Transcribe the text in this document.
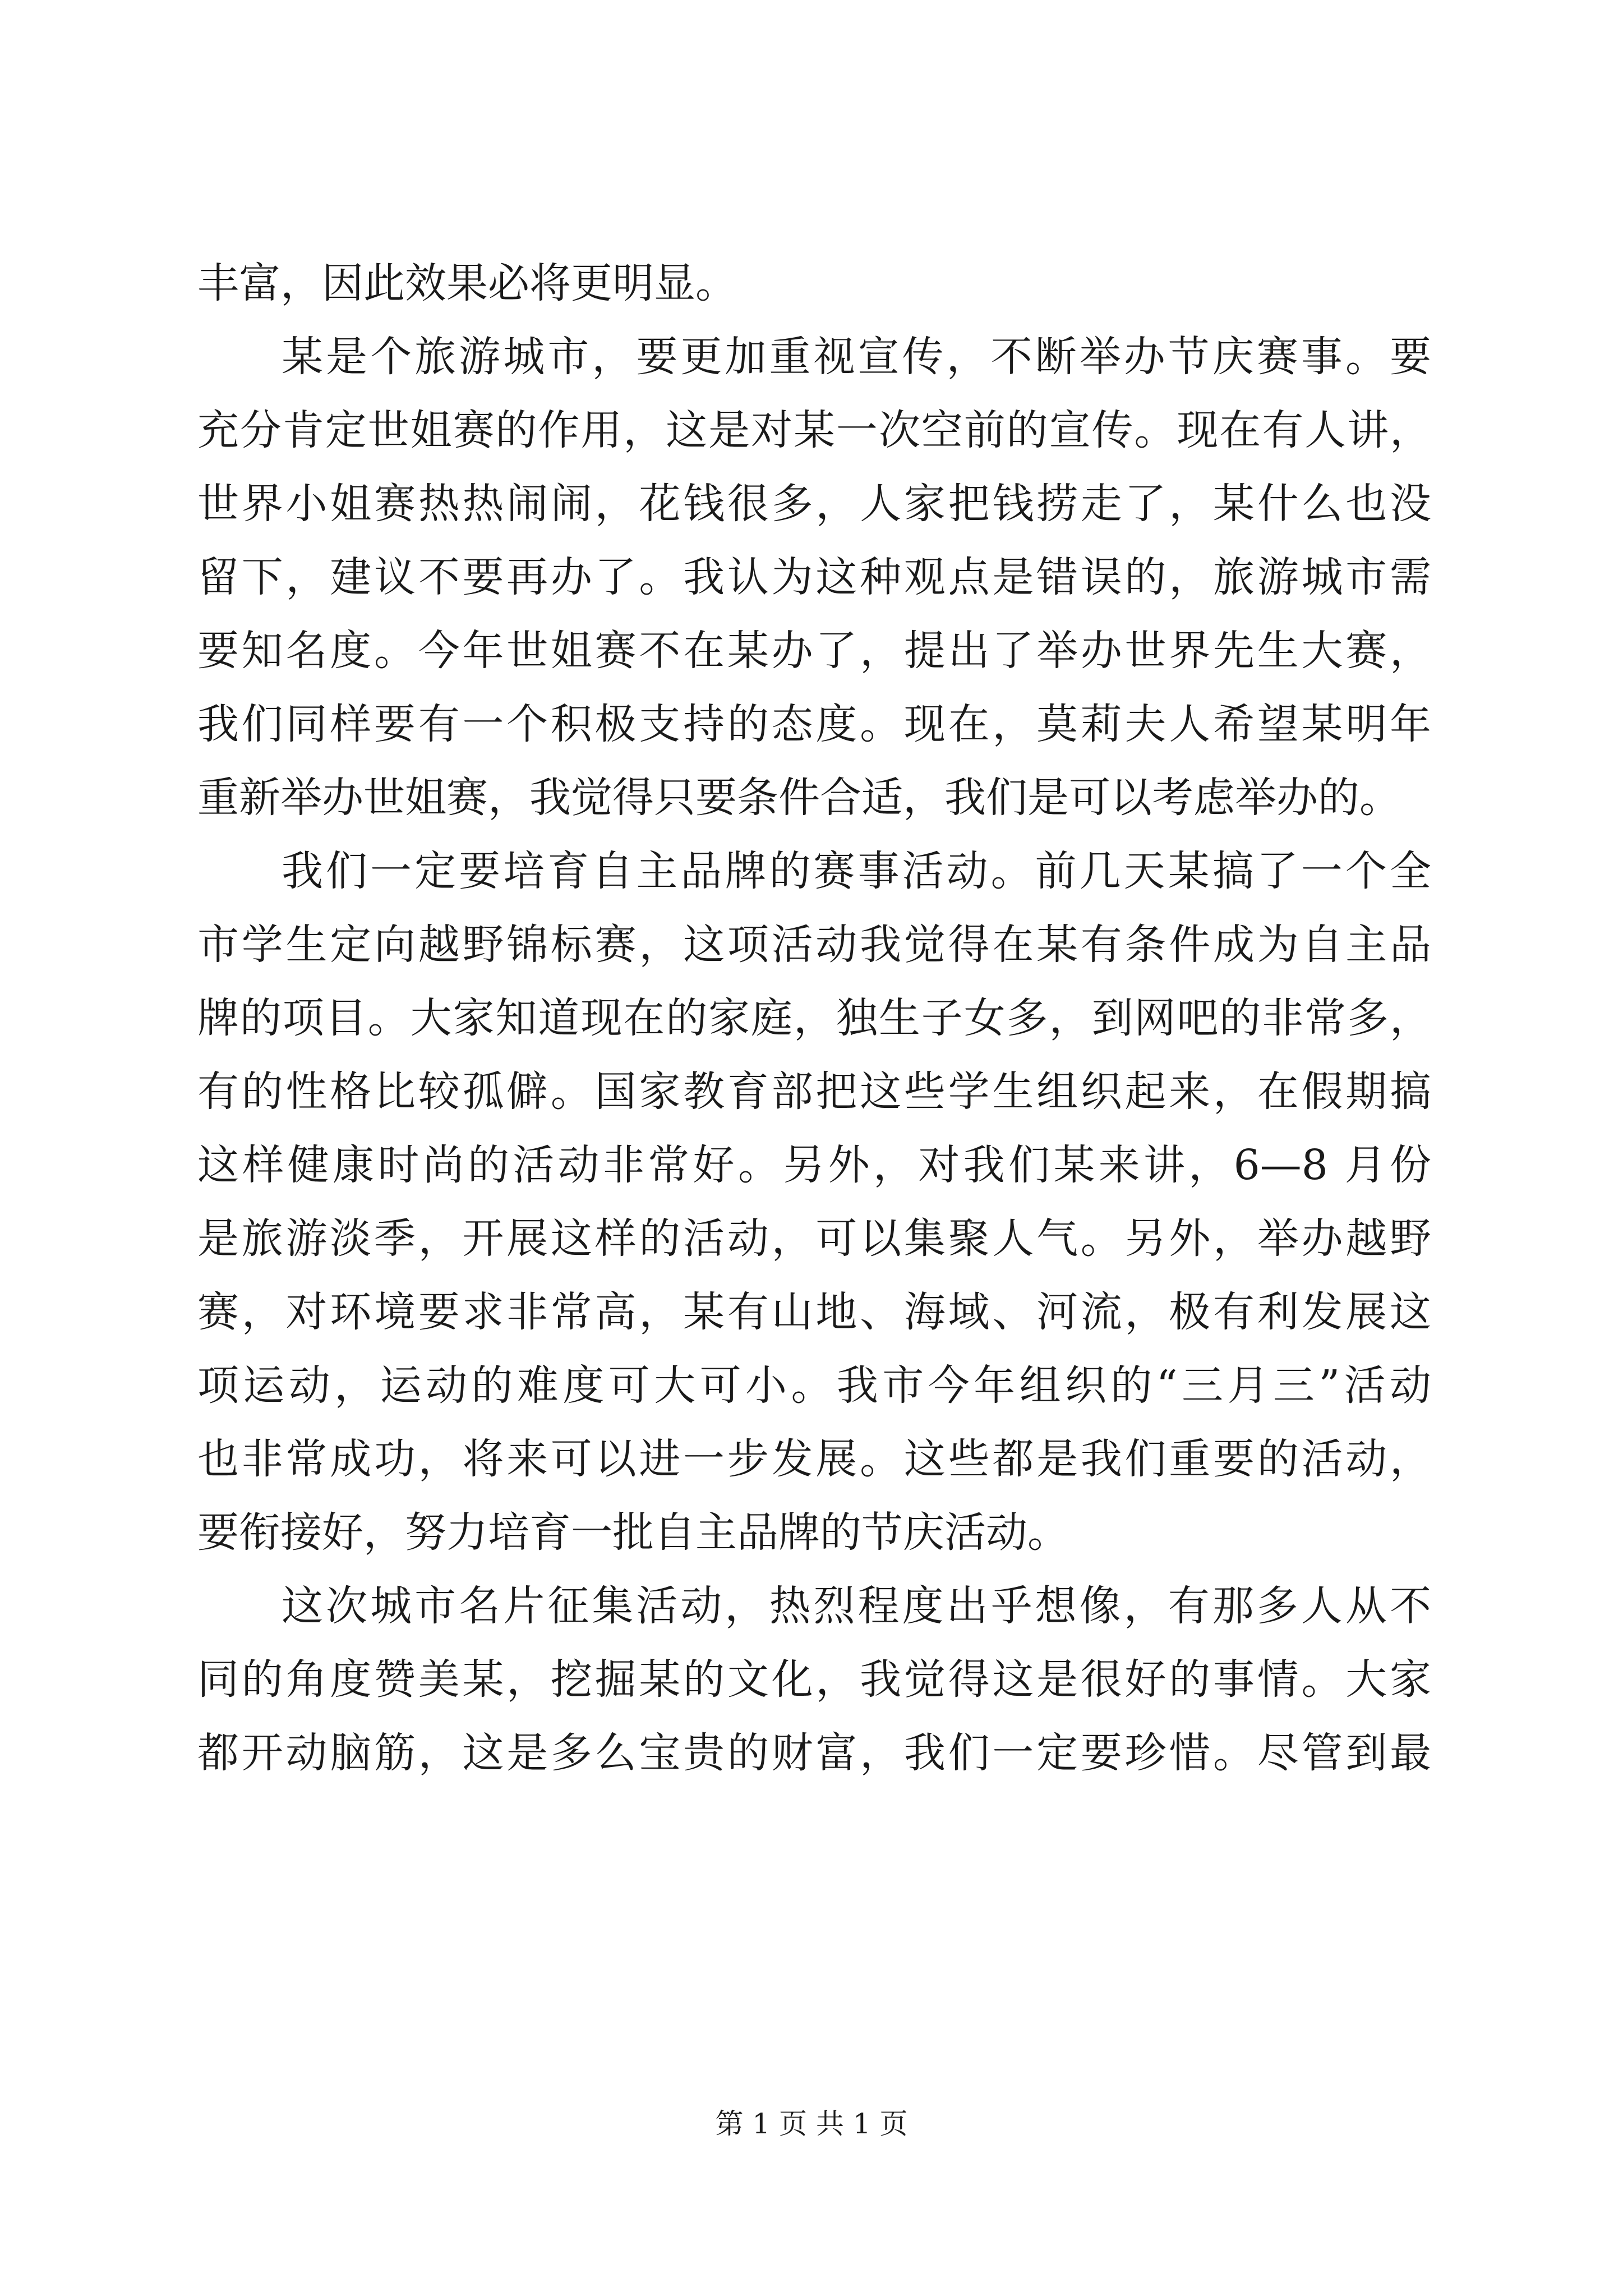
丰富，因此效果必将更明显。
某是个旅游城市，要更加重视宣传，不断举办节庆赛事。要
充分肯定世姐赛的作用，这是对某一次空前的宣传。现在有人讲，
世界小姐赛热热闹闹，花钱很多，人家把钱捞走了，某什么也没
留下，建议不要再办了。我认为这种观点是错误的，旅游城市需
要知名度。今年世姐赛不在某办了，提出了举办世界先生大赛，
我们同样要有一个积极支持的态度。现在，莫莉夫人希望某明年
重新举办世姐赛，我觉得只要条件合适，我们是可以考虑举办的。
我们一定要培育自主品牌的赛事活动。前几天某搞了一个全
市学生定向越野锦标赛，这项活动我觉得在某有条件成为自主品
牌的项目。大家知道现在的家庭，独生子女多，到网吧的非常多，
有的性格比较孤僻。国家教育部把这些学生组织起来，在假期搞
这样健康时尚的活动非常好。另外，对我们某来讲，6—8 月份
是旅游淡季，开展这样的活动，可以集聚人气。另外，举办越野
赛，对环境要求非常高，某有山地、海域、河流，极有利发展这
项运动，运动的难度可大可小。我市今年组织的“三月三”活动
也非常成功，将来可以进一步发展。这些都是我们重要的活动，
要衔接好，努力培育一批自主品牌的节庆活动。
这次城市名片征集活动，热烈程度出乎想像，有那多人从不
同的角度赞美某，挖掘某的文化，我觉得这是很好的事情。大家
都开动脑筋，这是多么宝贵的财富，我们一定要珍惜。尽管到最
第 1 页 共 1 页
